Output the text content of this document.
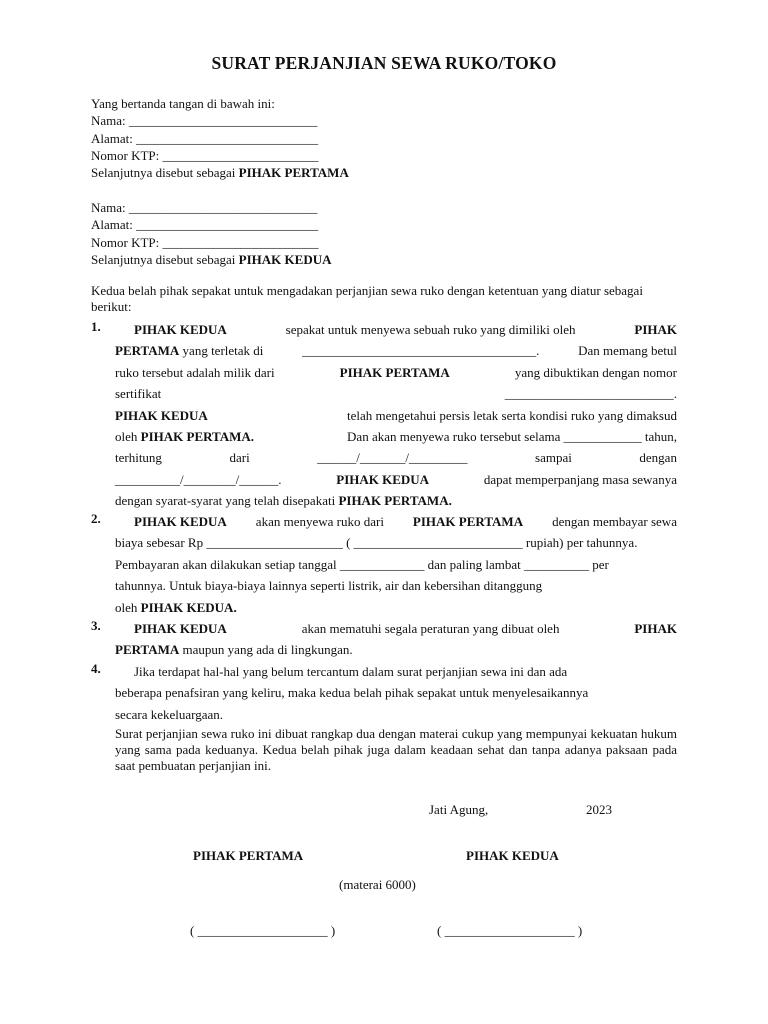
SURAT PERJANJIAN SEWA RUKO/TOKO
Yang bertanda tangan di bawah ini:
Nama: _____________________________
Alamat: ____________________________
Nomor KTP: ________________________
Selanjutnya disebut sebagai PIHAK PERTAMA
Nama: _____________________________
Alamat: ____________________________
Nomor KTP: ________________________
Selanjutnya disebut sebagai PIHAK KEDUA
Kedua belah pihak sepakat untuk mengadakan perjanjian sewa ruko dengan ketentuan yang diatur sebagai berikut:
1.	PIHAK KEDUA	sepakat untuk menyewa sebuah ruko yang dimiliki oleh	PIHAK
PERTAMA yang terletak di	____________________________________.	Dan memang betul
ruko tersebut adalah milik dari	PIHAK PERTAMA	yang dibuktikan dengan nomor
sertifikat	__________________________.
PIHAK KEDUA	telah mengetahui persis letak serta kondisi ruko yang dimaksud
oleh PIHAK PERTAMA.	Dan akan menyewa ruko tersebut selama ____________ tahun,
terhitung	dari	______/_______/_________	sampai	dengan
__________/________/______.	PIHAK KEDUA	dapat memperpanjang masa sewanya
dengan syarat-syarat yang telah disepakati PIHAK PERTAMA.
2.	PIHAK KEDUA akan menyewa ruko dari PIHAK PERTAMA dengan membayar sewa
biaya sebesar Rp _____________________ ( __________________________ rupiah) per tahunnya.
Pembayaran akan dilakukan setiap tanggal _____________ dan paling lambat __________ per
tahunnya. Untuk biaya-biaya lainnya seperti listrik, air dan kebersihan ditanggung
oleh PIHAK KEDUA.
3.	PIHAK KEDUA	akan mematuhi segala peraturan yang dibuat oleh	PIHAK
PERTAMA maupun yang ada di lingkungan.
4.	Jika terdapat hal-hal yang belum tercantum dalam surat perjanjian sewa ini dan ada
beberapa penafsiran yang keliru, maka kedua belah pihak sepakat untuk menyelesaikannya
secara kekeluargaan.
Surat perjanjian sewa ruko ini dibuat rangkap dua dengan materai cukup yang mempunyai kekuatan hukum yang sama pada keduanya. Kedua belah pihak juga dalam keadaan sehat dan tanpa adanya paksaan pada saat pembuatan perjanjian ini.
Jati Agung,	2023
PIHAK PERTAMA	PIHAK KEDUA
(materai 6000)
( ____________________ )	( ____________________ )
